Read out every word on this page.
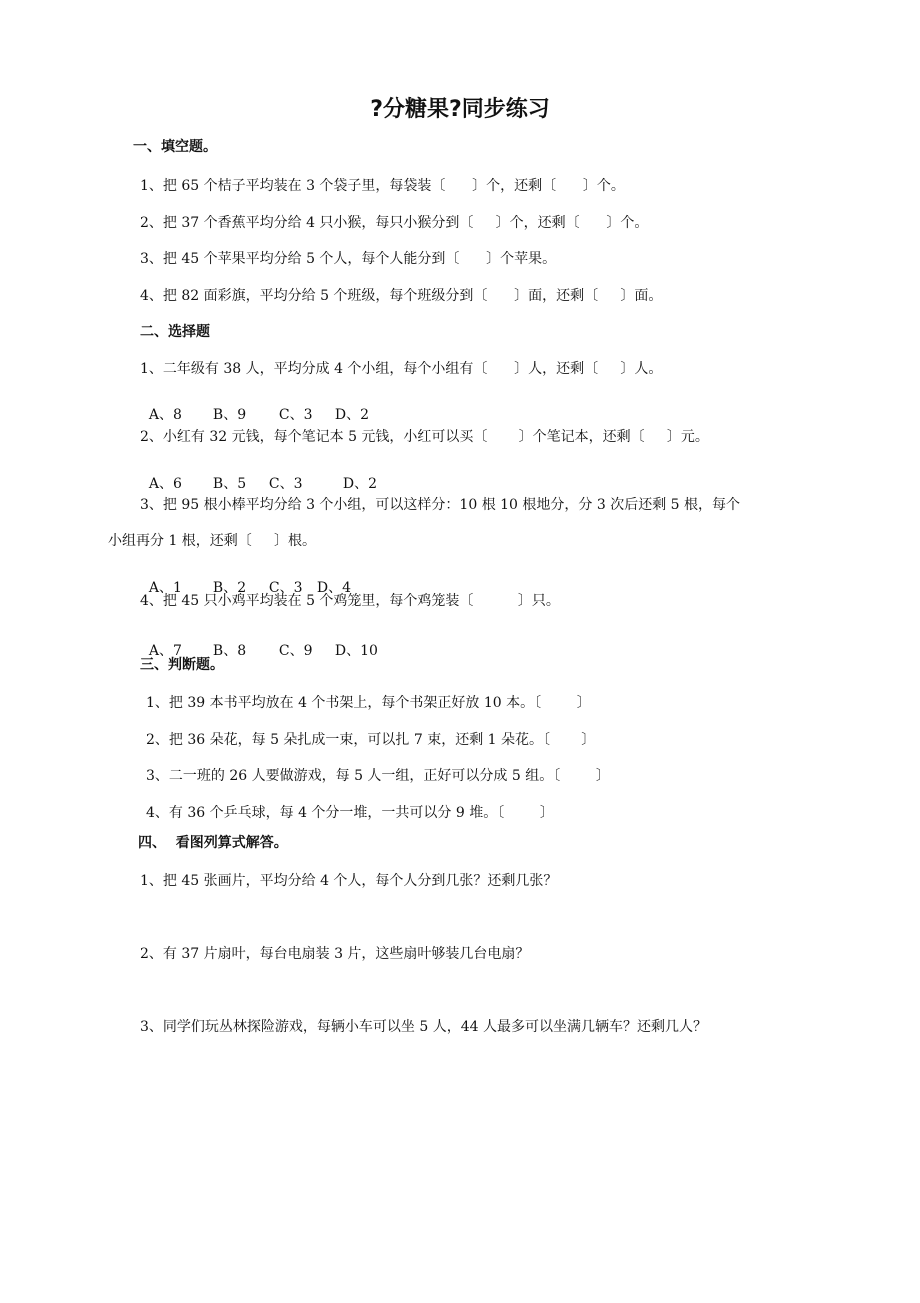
?分糖果?同步练习
一、填空题。
1、把 65 个桔子平均装在 3 个袋子里，每袋装〔      〕个，还剩〔      〕个。
2、把 37 个香蕉平均分给 4 只小猴，每只小猴分到〔     〕个，还剩〔      〕个。
3、把 45 个苹果平均分给 5 个人，每个人能分到〔      〕个苹果。
4、把 82 面彩旗，平均分给 5 个班级，每个班级分到〔      〕面，还剩〔     〕面。
二、选择题
1、二年级有 38 人，平均分成 4 个小组，每个小组有〔      〕人，还剩〔     〕人。

A、8 B、9 C、3 D、2

2、小红有 32 元钱，每个笔记本 5 元钱，小红可以买〔       〕个笔记本，还剩〔     〕元。

A、6 B、5 C、3	D、2

3、把 95 根小棒平均分给 3 个小组，可以这样分：10 根 10 根地分，分 3 次后还剩 5 根，每个
小组再分 1 根，还剩〔     〕根。

A、1 B、2 C、3 D、4

4、把 45 只小鸡平均装在 5 个鸡笼里，每个鸡笼装〔          〕只。

A、7 B、8 C、9 D、10

三、判断题。
1、把 39 本书平均放在 4 个书架上，每个书架正好放 10 本。〔        〕
2、把 36 朵花，每 5 朵扎成一束，可以扎 7 束，还剩 1 朵花。〔       〕
3、二一班的 26 人要做游戏，每 5 人一组，正好可以分成 5 组。〔        〕
4、有 36 个乒乓球，每 4 个分一堆，一共可以分 9 堆。〔        〕
四、  看图列算式解答。
1、把 45 张画片，平均分给 4 个人，每个人分到几张？还剩几张？
2、有 37 片扇叶，每台电扇装 3 片，这些扇叶够装几台电扇？
3、同学们玩丛林探险游戏，每辆小车可以坐 5 人，44 人最多可以坐满几辆车？还剩几人？
